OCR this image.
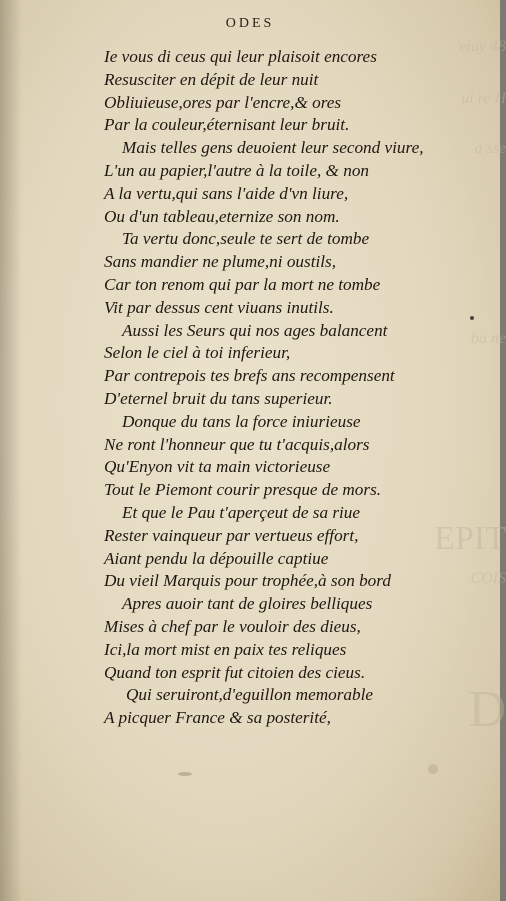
eiuy 48
ui re H
a sse
ba ne
EPIT
COIS
D
ODES
Ie vous di ceus qui leur plaisoit encores
Resusciter en dépit de leur nuit
Obliuieuse,ores par l'encre,& ores
Par la couleur,éternisant leur bruit.
Mais telles gens deuoient leur second viure,
L'un au papier,l'autre à la toile, & non
A la vertu,qui sans l'aide d'vn liure,
Ou d'un tableau,eternize son nom.
Ta vertu donc,seule te sert de tombe
Sans mandier ne plume,ni oustils,
Car ton renom qui par la mort ne tombe
Vit par dessus cent viuans inutils.
Aussi les Seurs qui nos ages balancent
Selon le ciel à toi inferieur,
Par contrepois tes brefs ans recompensent
D'eternel bruit du tans superieur.
Donque du tans la force iniurieuse
Ne ront l'honneur que tu t'acquis,alors
Qu'Enyon vit ta main victorieuse
Tout le Piemont courir presque de mors.
Et que le Pau t'aperçeut de sa riue
Rester vainqueur par vertueus effort,
Aiant pendu la dépouille captiue
Du vieil Marquis pour trophée,à son bord
Apres auoir tant de gloires belliques
Mises à chef par le vouloir des dieus,
Ici,la mort mist en paix tes reliques
Quand ton esprit fut citoien des cieus.
Qui seruiront,d'eguillon memorable
A picquer France & sa posterité,
